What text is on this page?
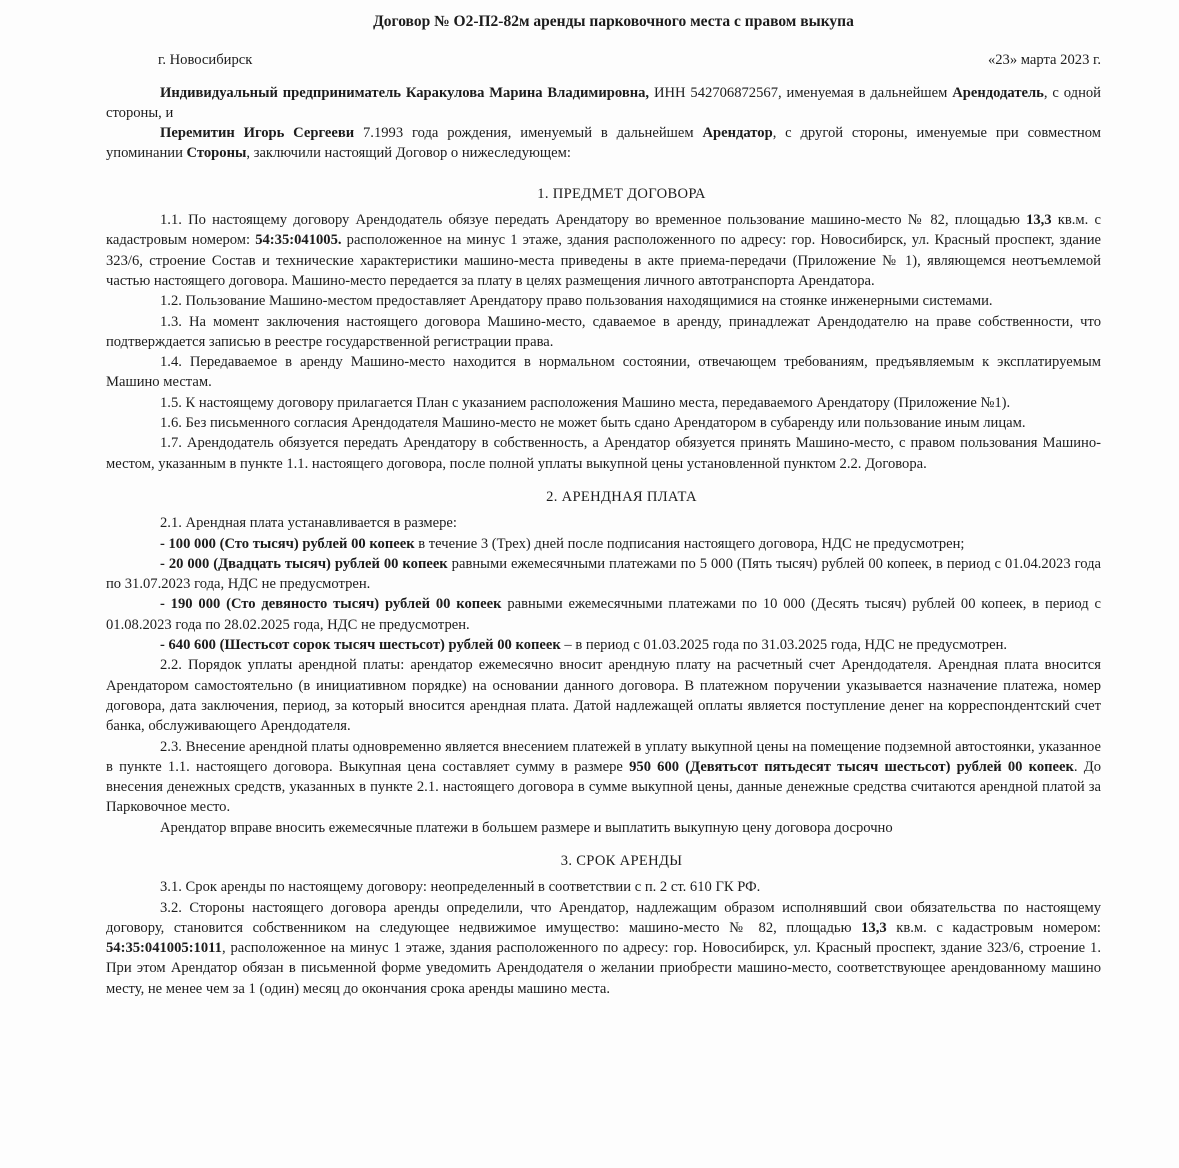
Договор № О2-П2-82м аренды парковочного места с правом выкупа
г. Новосибирск	«23» марта 2023 г.

Индивидуальный предприниматель Каракулова Марина Владимировна, ИНН 542706872567, именуемая в дальнейшем Арендодатель, с одной стороны, и

Перемитин Игорь Сергееви 7.1993 года рождения, именуемый в дальнейшем Арендатор, с другой стороны, именуемые при совместном упоминании Стороны, заключили настоящий Договор о нижеследующем:

1. ПРЕДМЕТ ДОГОВОРА

1.1. По настоящему договору Арендодатель обязуе передать Арендатору во временное пользование машино-место № 82, площадью 13,3 кв.м. с кадастровым номером: 54:35:041005. расположенное на минус 1 этаже, здания расположенного по адресу: гор. Новосибирск, ул. Красный проспект, здание 323/6, строение Состав и технические характеристики машино-места приведены в акте приема-передачи (Приложение № 1), являющемся неотъемлемой частью настоящего договора. Машино-место передается за плату в целях размещения личного автотранспорта Арендатора.

1.2. Пользование Машино-местом предоставляет Арендатору право пользования находящимися на стоянке инженерными системами.

1.3. На момент заключения настоящего договора Машино-место, сдаваемое в аренду, принадлежат Арендодателю на праве собственности, что подтверждается записью в реестре государственной регистрации права.

1.4. Передаваемое в аренду Машино-место находится в нормальном состоянии, отвечающем требованиям, предъявляемым к эксплатируемым Машино местам.

1.5. К настоящему договору прилагается План с указанием расположения Машино места, передаваемого Арендатору (Приложение №1).

1.6. Без письменного согласия Арендодателя Машино-место не может быть сдано Арендатором в субаренду или пользование иным лицам.

1.7. Арендодатель обязуется передать Арендатору в собственность, а Арендатор обязуется принять Машино-место, с правом пользования Машино-местом, указанным в пункте 1.1. настоящего договора, после полной уплаты выкупной цены установленной пунктом 2.2. Договора.

2. АРЕНДНАЯ ПЛАТА

2.1. Арендная плата устанавливается в размере:

- 100 000 (Сто тысяч) рублей 00 копеек в течение 3 (Трех) дней после подписания настоящего договора, НДС не предусмотрен;

- 20 000 (Двадцать тысяч) рублей 00 копеек равными ежемесячными платежами по 5 000 (Пять тысяч) рублей 00 копеек, в период с 01.04.2023 года по 31.07.2023 года, НДС не предусмотрен.

- 190 000 (Сто девяносто тысяч) рублей 00 копеек равными ежемесячными платежами по 10 000 (Десять тысяч) рублей 00 копеек, в период с 01.08.2023 года по 28.02.2025 года, НДС не предусмотрен.

- 640 600 (Шестьсот сорок тысяч шестьсот) рублей 00 копеек – в период с 01.03.2025 года по 31.03.2025 года, НДС не предусмотрен.

2.2. Порядок уплаты арендной платы: арендатор ежемесячно вносит арендную плату на расчетный счет Арендодателя. Арендная плата вносится Арендатором самостоятельно (в инициативном порядке) на основании данного договора. В платежном поручении указывается назначение платежа, номер договора, дата заключения, период, за который вносится арендная плата. Датой надлежащей оплаты является поступление денег на корреспондентский счет банка, обслуживающего Арендодателя.

2.3. Внесение арендной платы одновременно является внесением платежей в уплату выкупной цены на помещение подземной автостоянки, указанное в пункте 1.1. настоящего договора. Выкупная цена составляет сумму в размере 950 600 (Девятьсот пятьдесят тысяч шестьсот) рублей 00 копеек. До внесения денежных средств, указанных в пункте 2.1. настоящего договора в сумме выкупной цены, данные денежные средства считаются арендной платой за Парковочное место.

Арендатор вправе вносить ежемесячные платежи в большем размере и выплатить выкупную цену договора досрочно

3. СРОК АРЕНДЫ

3.1. Срок аренды по настоящему договору: неопределенный в соответствии с п. 2 ст. 610 ГК РФ.

3.2. Стороны настоящего договора аренды определили, что Арендатор, надлежащим образом исполнявший свои обязательства по настоящему договору, становится собственником на следующее недвижимое имущество: машино-место № 82, площадью 13,3 кв.м. с кадастровым номером: 54:35:041005:1011, расположенное на минус 1 этаже, здания расположенного по адресу: гор. Новосибирск, ул. Красный проспект, здание 323/6, строение 1. При этом Арендатор обязан в письменной форме уведомить Арендодателя о желании приобрести машино-место, соответствующее арендованному машино месту, не менее чем за 1 (один) месяц до окончания срока аренды машино места.
